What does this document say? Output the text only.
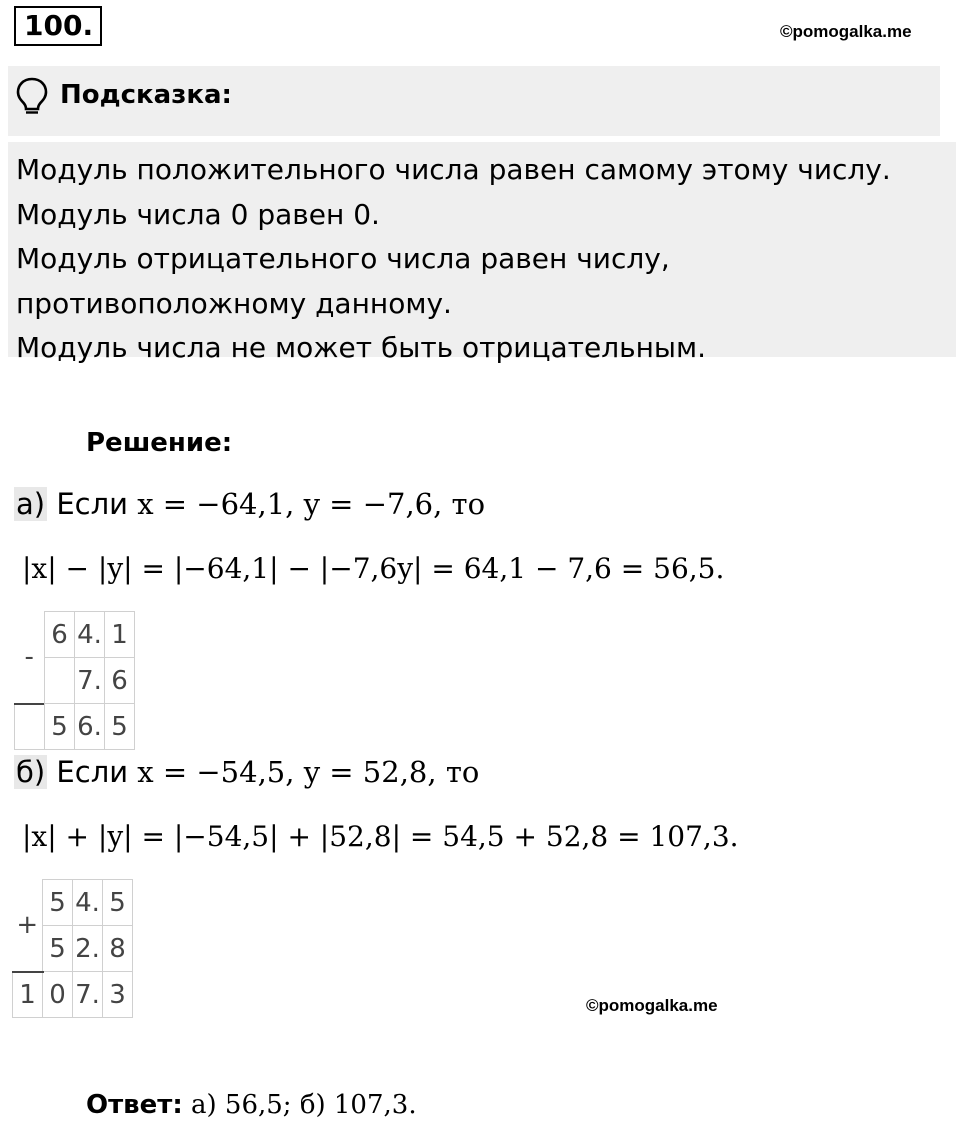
100.	©pomogalka.me
Подсказка:
Модуль положительного числа равен самому этому числу.
Модуль числа 0 равен 0.
Модуль отрицательного числа равен числу,
противоположному данному.
Модуль числа не может быть отрицательным.
Решение:
а) Если x = −64,1, y = −7,6, то
|x| − |y| = |−64,1| − |−7,6y| = 64,1 − 7,6 = 56,5.
-	6	4.	1
		7.	6
	5	6.	5
б) Если x = −54,5, y = 52,8, то
|x| + |y| = |−54,5| + |52,8| = 54,5 + 52,8 = 107,3.
+	5	4.	5
	5	2.	8
1	0	7.	3	©pomogalka.me
Ответ: а) 56,5; б) 107,3.
